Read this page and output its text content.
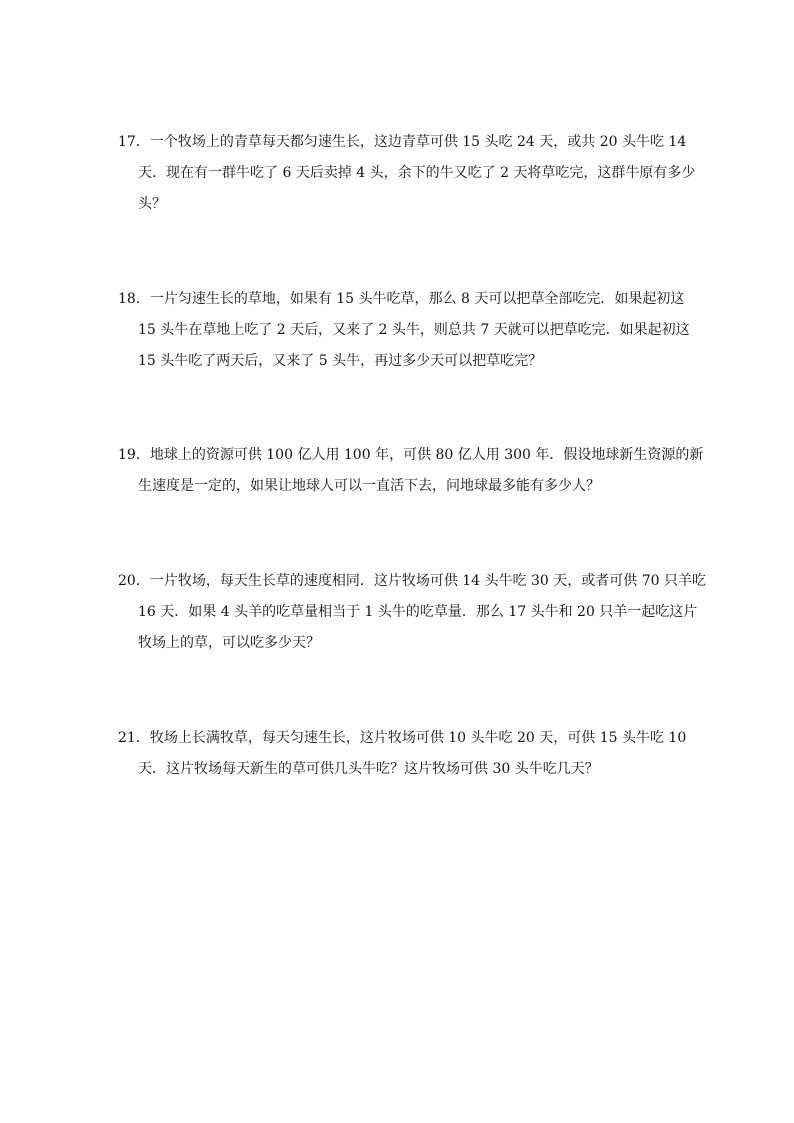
17．一个牧场上的青草每天都匀速生长，这边青草可供 15 头吃 24 天，或共 20 头牛吃 14 天．现在有一群牛吃了 6 天后卖掉 4 头，余下的牛又吃了 2 天将草吃完，这群牛原有多少头？
18．一片匀速生长的草地，如果有 15 头牛吃草，那么 8 天可以把草全部吃完．如果起初这 15 头牛在草地上吃了 2 天后，又来了 2 头牛，则总共 7 天就可以把草吃完．如果起初这 15 头牛吃了两天后，又来了 5 头牛，再过多少天可以把草吃完？
19．地球上的资源可供 100 亿人用 100 年，可供 80 亿人用 300 年．假设地球新生资源的新生速度是一定的，如果让地球人可以一直活下去，问地球最多能有多少人？
20．一片牧场，每天生长草的速度相同．这片牧场可供 14 头牛吃 30 天，或者可供 70 只羊吃 16 天．如果 4 头羊的吃草量相当于 1 头牛的吃草量．那么 17 头牛和 20 只羊一起吃这片牧场上的草，可以吃多少天？
21．牧场上长满牧草，每天匀速生长，这片牧场可供 10 头牛吃 20 天，可供 15 头牛吃 10 天．这片牧场每天新生的草可供几头牛吃？这片牧场可供 30 头牛吃几天？
